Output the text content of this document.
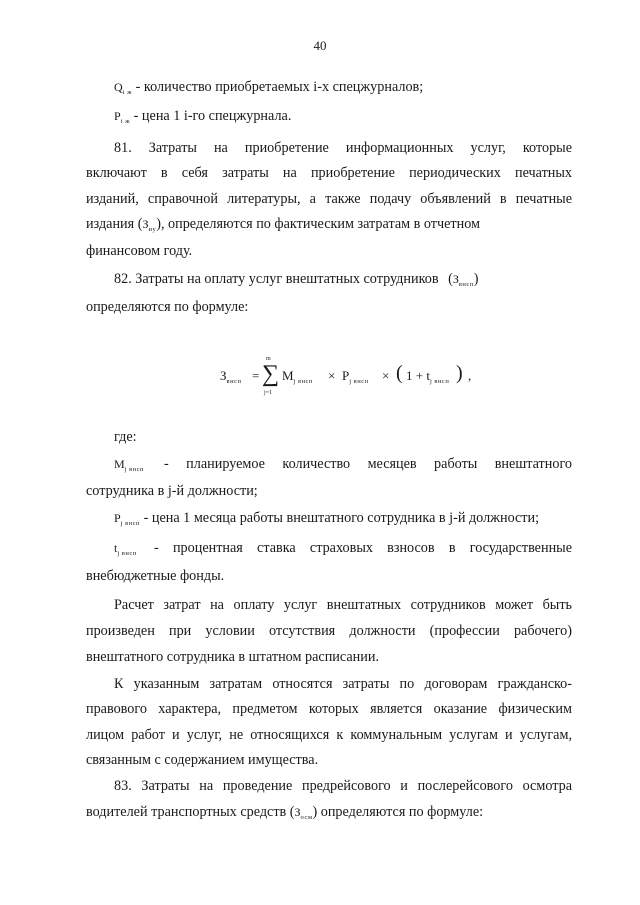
40
$Q_{i ж}$ - количество приобретаемых i-х спецжурналов;
$P_{i ж}$ - цена 1 i-го спецжурнала.
81. Затраты на приобретение информационных услуг, которые
включают в себя затраты на приобретение периодических печатных
изданий, справочной литературы, а также подачу объявлений в печатные
издания $(З_{иу})$, определяются по фактическим затратам в отчетном
финансовом году.
82. Затраты на оплату услуг внештатных сотрудников $(З_{внсп})$
определяются по формуле:
$З_{внсп}$ =
m
∑
j=1
$M_{j внсп} \times P_{j внсп}$ × ( $1 + t_{j внсп}$ ) ,
где:
$M_{j внсп}$ - планируемое количество месяцев работы внештатного
сотрудника в j-й должности;
$P_{j внсп}$ - цена 1 месяца работы внештатного сотрудника в j-й должности;
$t_{j внсп}$ - процентная ставка страховых взносов в государственные
внебюджетные фонды.
Расчет затрат на оплату услуг внештатных сотрудников может быть
произведен при условии отсутствия должности (профессии рабочего)
внештатного сотрудника в штатном расписании.
К указанным затратам относятся затраты по договорам гражданско-
правового характера, предметом которых является оказание физическим
лицом работ и услуг, не относящихся к коммунальным услугам и услугам,
связанным с содержанием имущества.
83. Затраты на проведение предрейсового и послерейсового осмотра
водителей транспортных средств $(З_{осм})$ определяются по формуле:
